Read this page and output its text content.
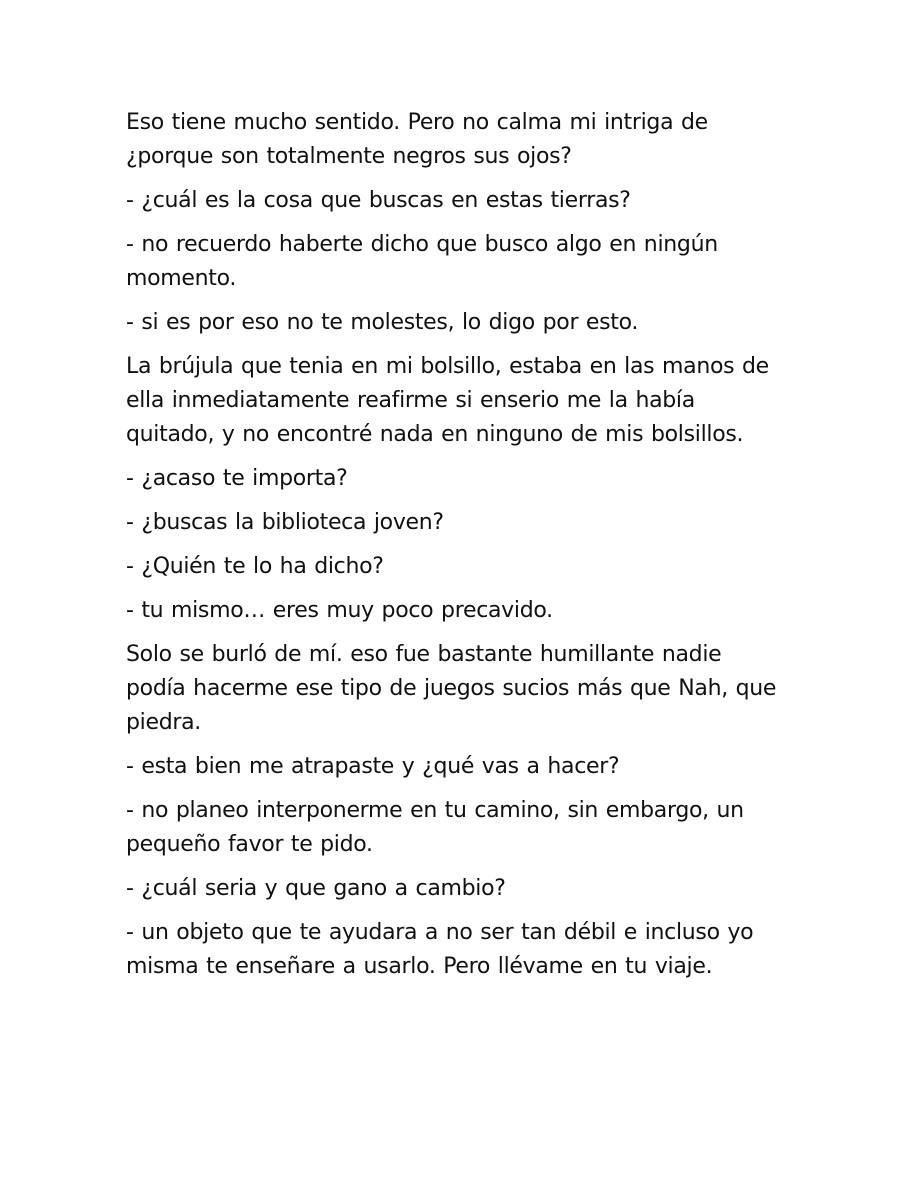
Eso tiene mucho sentido. Pero no calma mi intriga de ¿porque son totalmente negros sus ojos?

- ¿cuál es la cosa que buscas en estas tierras?

- no recuerdo haberte dicho que busco algo en ningún momento.

- si es por eso no te molestes, lo digo por esto.

La brújula que tenia en mi bolsillo, estaba en las manos de ella inmediatamente reafirme si enserio me la había quitado, y no encontré nada en ninguno de mis bolsillos.

- ¿acaso te importa?

- ¿buscas la biblioteca joven?

- ¿Quién te lo ha dicho?

- tu mismo… eres muy poco precavido.

Solo se burló de mí. eso fue bastante humillante nadie podía hacerme ese tipo de juegos sucios más que Nah, que piedra.

- esta bien me atrapaste y ¿qué vas a hacer?

- no planeo interponerme en tu camino, sin embargo, un pequeño favor te pido.

- ¿cuál seria y que gano a cambio?

- un objeto que te ayudara a no ser tan débil e incluso yo misma te enseñare a usarlo. Pero llévame en tu viaje.
